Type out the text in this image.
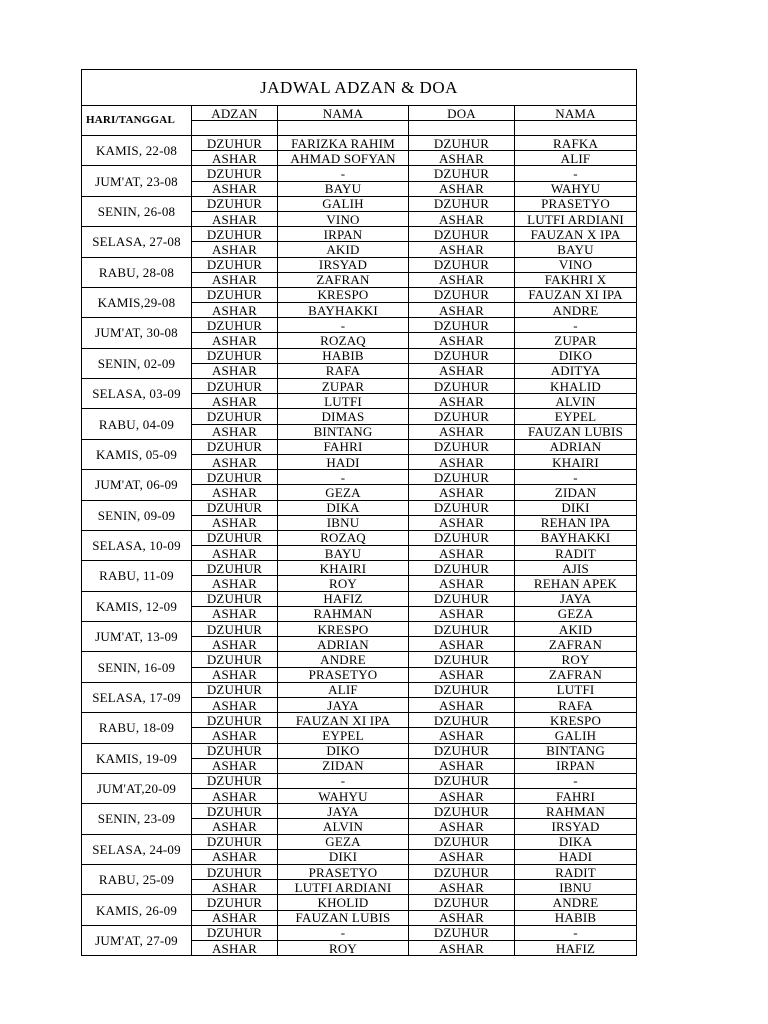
JADWAL ADZAN & DOA				
HARI/TANGGAL	ADZAN	NAMA	DOA	NAMA

KAMIS, 22-08	DZUHUR	FARIZKA RAHIM	DZUHUR	RAFKA
	ASHAR	AHMAD SOFYAN	ASHAR	ALIF
JUM'AT, 23-08	DZUHUR	-	DZUHUR	-
	ASHAR	BAYU	ASHAR	WAHYU
SENIN, 26-08	DZUHUR	GALIH	DZUHUR	PRASETYO
	ASHAR	VINO	ASHAR	LUTFI ARDIANI
SELASA, 27-08	DZUHUR	IRPAN	DZUHUR	FAUZAN X IPA
	ASHAR	AKID	ASHAR	BAYU
RABU, 28-08	DZUHUR	IRSYAD	DZUHUR	VINO
	ASHAR	ZAFRAN	ASHAR	FAKHRI X
KAMIS,29-08	DZUHUR	KRESPO	DZUHUR	FAUZAN XI IPA
	ASHAR	BAYHAKKI	ASHAR	ANDRE
JUM'AT, 30-08	DZUHUR	-	DZUHUR	-
	ASHAR	ROZAQ	ASHAR	ZUPAR
SENIN, 02-09	DZUHUR	HABIB	DZUHUR	DIKO
	ASHAR	RAFA	ASHAR	ADITYA
SELASA, 03-09	DZUHUR	ZUPAR	DZUHUR	KHALID
	ASHAR	LUTFI	ASHAR	ALVIN
RABU, 04-09	DZUHUR	DIMAS	DZUHUR	EYPEL
	ASHAR	BINTANG	ASHAR	FAUZAN LUBIS
KAMIS, 05-09	DZUHUR	FAHRI	DZUHUR	ADRIAN
	ASHAR	HADI	ASHAR	KHAIRI
JUM'AT, 06-09	DZUHUR	-	DZUHUR	-
	ASHAR	GEZA	ASHAR	ZIDAN
SENIN, 09-09	DZUHUR	DIKA	DZUHUR	DIKI
	ASHAR	IBNU	ASHAR	REHAN IPA
SELASA, 10-09	DZUHUR	ROZAQ	DZUHUR	BAYHAKKI
	ASHAR	BAYU	ASHAR	RADIT
RABU, 11-09	DZUHUR	KHAIRI	DZUHUR	AJIS
	ASHAR	ROY	ASHAR	REHAN APEK
KAMIS, 12-09	DZUHUR	HAFIZ	DZUHUR	JAYA
	ASHAR	RAHMAN	ASHAR	GEZA
JUM'AT, 13-09	DZUHUR	KRESPO	DZUHUR	AKID
	ASHAR	ADRIAN	ASHAR	ZAFRAN
SENIN, 16-09	DZUHUR	ANDRE	DZUHUR	ROY
	ASHAR	PRASETYO	ASHAR	ZAFRAN
SELASA, 17-09	DZUHUR	ALIF	DZUHUR	LUTFI
	ASHAR	JAYA	ASHAR	RAFA
RABU, 18-09	DZUHUR	FAUZAN XI IPA	DZUHUR	KRESPO
	ASHAR	EYPEL	ASHAR	GALIH
KAMIS, 19-09	DZUHUR	DIKO	DZUHUR	BINTANG
	ASHAR	ZIDAN	ASHAR	IRPAN
JUM'AT,20-09	DZUHUR	-	DZUHUR	-
	ASHAR	WAHYU	ASHAR	FAHRI
SENIN, 23-09	DZUHUR	JAYA	DZUHUR	RAHMAN
	ASHAR	ALVIN	ASHAR	IRSYAD
SELASA, 24-09	DZUHUR	GEZA	DZUHUR	DIKA
	ASHAR	DIKI	ASHAR	HADI
RABU, 25-09	DZUHUR	PRASETYO	DZUHUR	RADIT
	ASHAR	LUTFI ARDIANI	ASHAR	IBNU
KAMIS, 26-09	DZUHUR	KHOLID	DZUHUR	ANDRE
	ASHAR	FAUZAN LUBIS	ASHAR	HABIB
JUM'AT, 27-09	DZUHUR	-	DZUHUR	-
	ASHAR	ROY	ASHAR	HAFIZ
